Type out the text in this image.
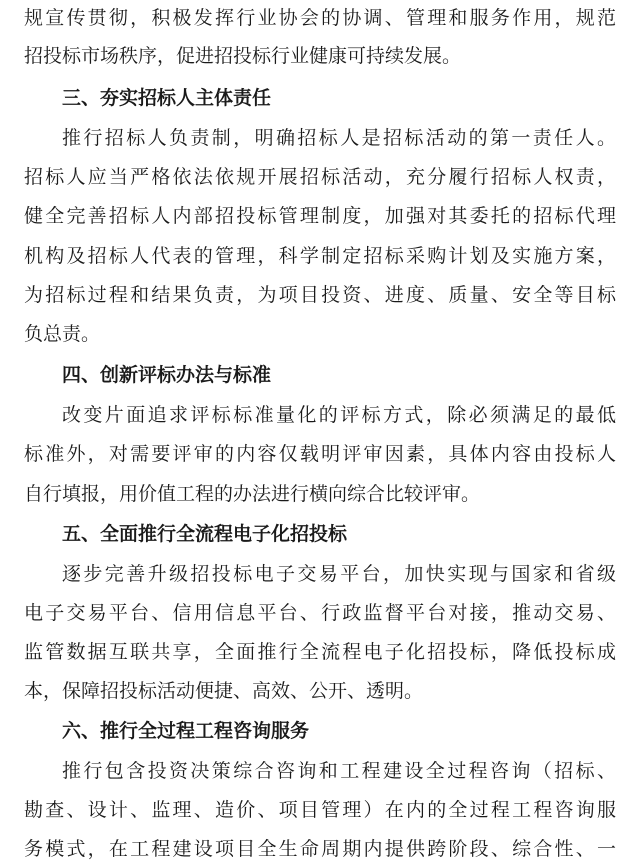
规宣传贯彻，积极发挥行业协会的协调、管理和服务作用，规范
招投标市场秩序，促进招投标行业健康可持续发展。
三、夯实招标人主体责任
推行招标人负责制，明确招标人是招标活动的第一责任人。
招标人应当严格依法依规开展招标活动，充分履行招标人权责，
健全完善招标人内部招投标管理制度，加强对其委托的招标代理
机构及招标人代表的管理，科学制定招标采购计划及实施方案，
为招标过程和结果负责，为项目投资、进度、质量、安全等目标
负总责。
四、创新评标办法与标准
改变片面追求评标标准量化的评标方式，除必须满足的最低
标准外，对需要评审的内容仅载明评审因素，具体内容由投标人
自行填报，用价值工程的办法进行横向综合比较评审。
五、全面推行全流程电子化招投标
逐步完善升级招投标电子交易平台，加快实现与国家和省级
电子交易平台、信用信息平台、行政监督平台对接，推动交易、
监管数据互联共享，全面推行全流程电子化招投标，降低投标成
本，保障招投标活动便捷、高效、公开、透明。
六、推行全过程工程咨询服务
推行包含投资决策综合咨询和工程建设全过程咨询（招标、
勘查、设计、监理、造价、项目管理）在内的全过程工程咨询服
务模式，在工程建设项目全生命周期内提供跨阶段、综合性、一
